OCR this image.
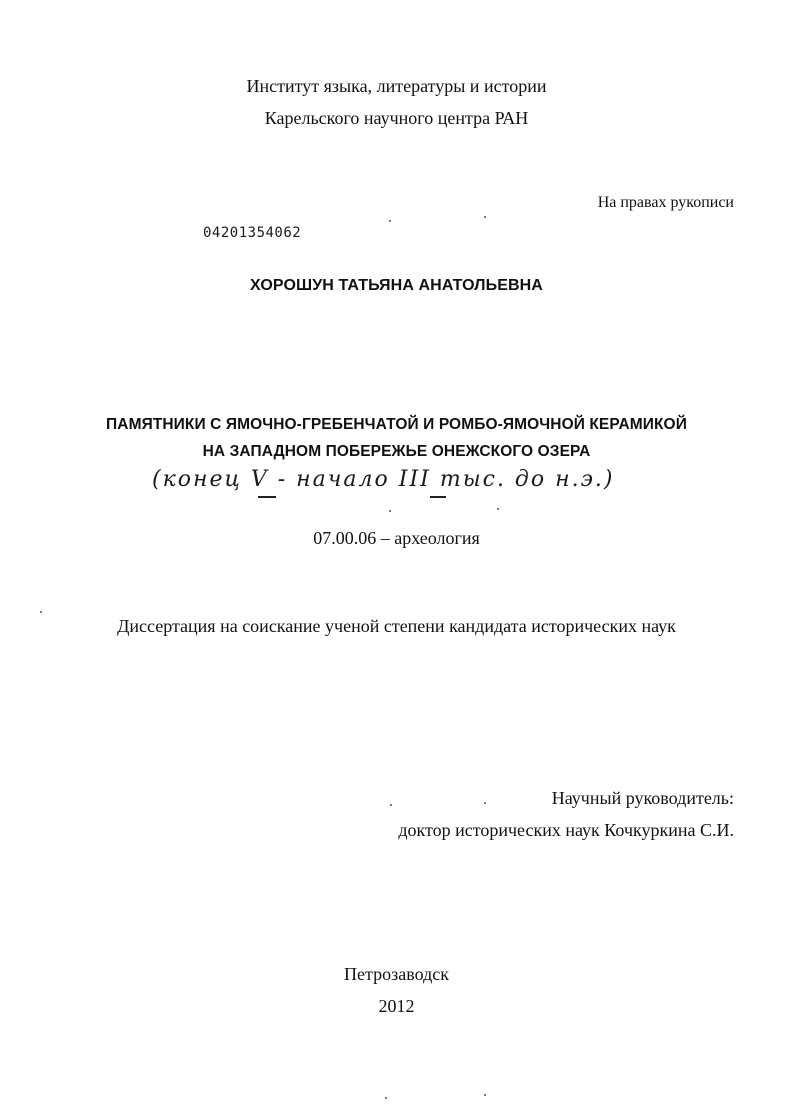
Институт языка, литературы и истории
Карельского научного центра РАН
На правах рукописи
04201354062
ХОРОШУН ТАТЬЯНА АНАТОЛЬЕВНА
ПАМЯТНИКИ С ЯМОЧНО-ГРЕБЕНЧАТОЙ И РОМБО-ЯМОЧНОЙ КЕРАМИКОЙ
НА ЗАПАДНОМ ПОБЕРЕЖЬЕ ОНЕЖСКОГО ОЗЕРА
(конец V - начало III тыс. до н.э.)
07.00.06 – археология
Диссертация на соискание ученой степени кандидата исторических наук
Научный руководитель:
доктор исторических наук Кочкуркина С.И.
Петрозаводск
2012
